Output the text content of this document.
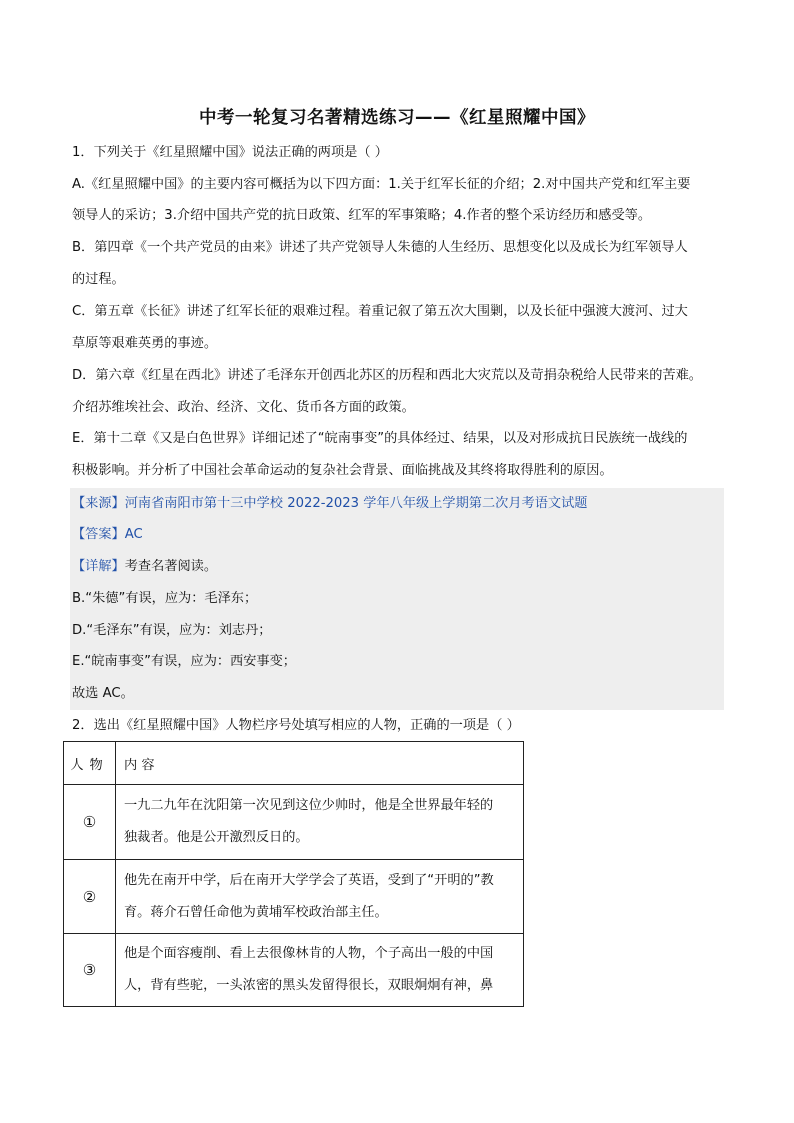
中考一轮复习名著精选练习——《红星照耀中国》
1．下列关于《红星照耀中国》说法正确的两项是（ ）
A.《红星照耀中国》的主要内容可概括为以下四方面：1.关于红军长征的介绍；2.对中国共产党和红军主要
领导人的采访；3.介绍中国共产党的抗日政策、红军的军事策略；4.作者的整个采访经历和感受等。
B．第四章《一个共产党员的由来》讲述了共产党领导人朱德的人生经历、思想变化以及成长为红军领导人
的过程。
C．第五章《长征》讲述了红军长征的艰难过程。着重记叙了第五次大围剿，以及长征中强渡大渡河、过大
草原等艰难英勇的事迹。
D．第六章《红星在西北》讲述了毛泽东开创西北苏区的历程和西北大灾荒以及苛捐杂税给人民带来的苦难。
介绍苏维埃社会、政治、经济、文化、货币各方面的政策。
E．第十二章《又是白色世界》详细记述了“皖南事变”的具体经过、结果，以及对形成抗日民族统一战线的
积极影响。并分析了中国社会革命运动的复杂社会背景、面临挑战及其终将取得胜利的原因。
【来源】河南省南阳市第十三中学校 2022-2023 学年八年级上学期第二次月考语文试题
【答案】AC
【详解】考查名著阅读。
B.“朱德”有误，应为：毛泽东；
D.“毛泽东”有误，应为：刘志丹；
E.“皖南事变”有误，应为：西安事变；
故选 AC。
2．选出《红星照耀中国》人物栏序号处填写相应的人物，正确的一项是（ ）
人物	内 容
①	一九二九年在沈阳第一次见到这位少帅时，他是全世界最年轻的
独裁者。他是公开激烈反日的。

②	他先在南开中学，后在南开大学学会了英语，受到了“开明的”教
育。蒋介石曾任命他为黄埔军校政治部主任。

③	他是个面容瘦削、看上去很像林肯的人物，个子高出一般的中国
人，背有些驼，一头浓密的黑头发留得很长，双眼炯炯有神，鼻
